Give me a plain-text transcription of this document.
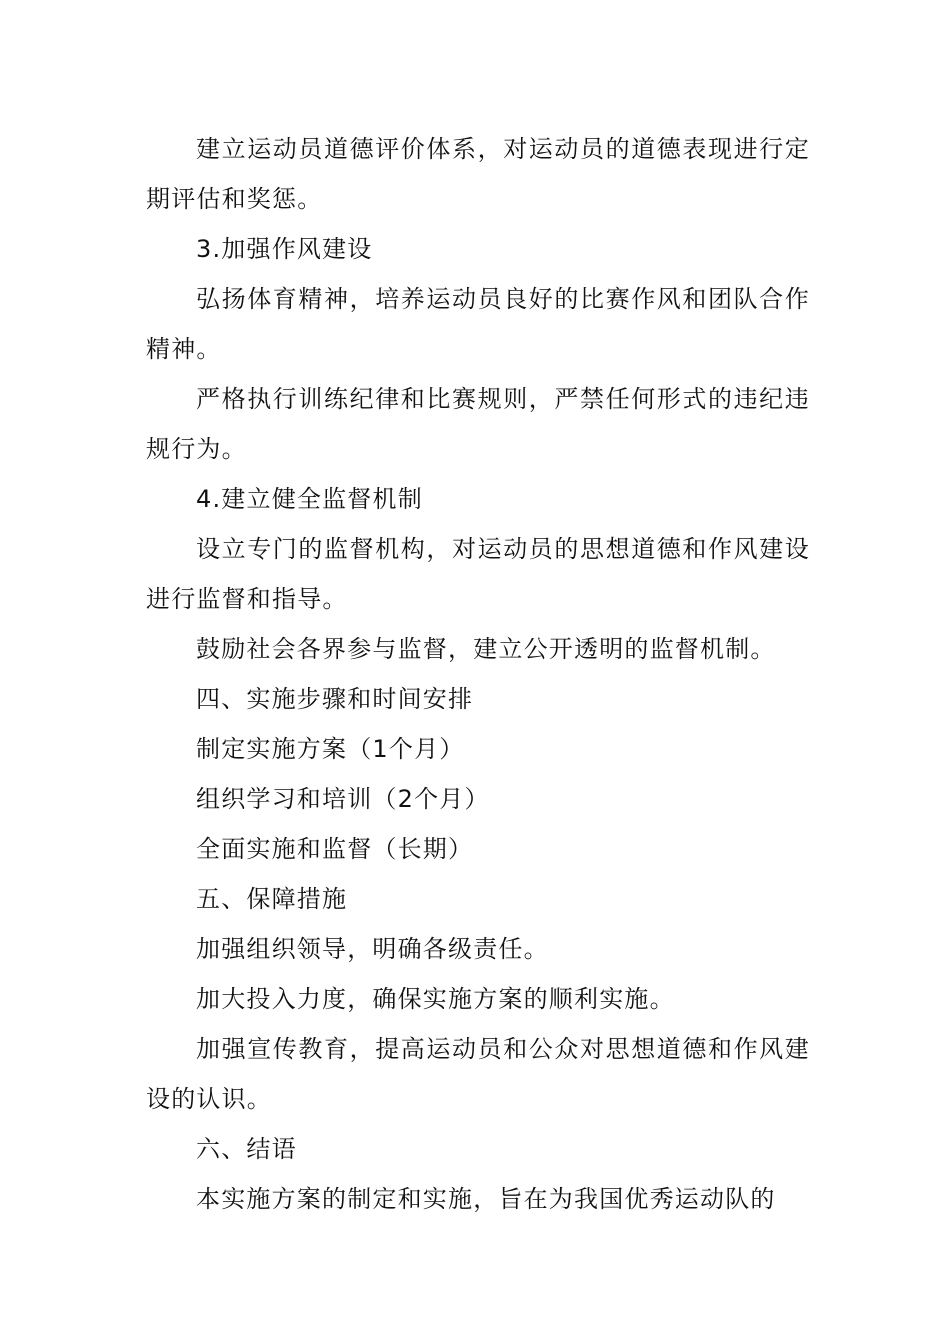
建立运动员道德评价体系，对运动员的道德表现进行定期评估和奖惩。

3.加强作风建设

弘扬体育精神，培养运动员良好的比赛作风和团队合作精神。

严格执行训练纪律和比赛规则，严禁任何形式的违纪违规行为。

4.建立健全监督机制

设立专门的监督机构，对运动员的思想道德和作风建设进行监督和指导。

鼓励社会各界参与监督，建立公开透明的监督机制。

四、实施步骤和时间安排

制定实施方案（1个月）

组织学习和培训（2个月）

全面实施和监督（长期）

五、保障措施

加强组织领导，明确各级责任。

加大投入力度，确保实施方案的顺利实施。

加强宣传教育，提高运动员和公众对思想道德和作风建设的认识。

六、结语

本实施方案的制定和实施，旨在为我国优秀运动队的
